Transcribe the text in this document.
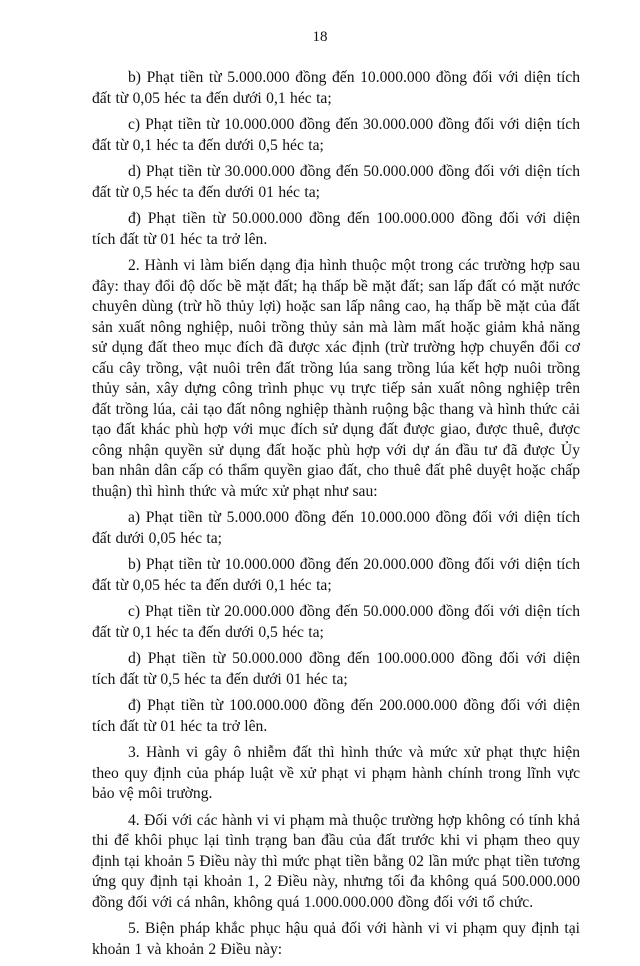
18

b) Phạt tiền từ 5.000.000 đồng đến 10.000.000 đồng đối với diện tích đất từ 0,05 héc ta đến dưới 0,1 héc ta;

c) Phạt tiền từ 10.000.000 đồng đến 30.000.000 đồng đối với diện tích đất từ 0,1 héc ta đến dưới 0,5 héc ta;

d) Phạt tiền từ 30.000.000 đồng đến 50.000.000 đồng đối với diện tích đất từ 0,5 héc ta đến dưới 01 héc ta;

đ) Phạt tiền từ 50.000.000 đồng đến 100.000.000 đồng đối với diện tích đất từ 01 héc ta trở lên.

2. Hành vi làm biến dạng địa hình thuộc một trong các trường hợp sau đây: thay đổi độ dốc bề mặt đất; hạ thấp bề mặt đất; san lấp đất có mặt nước chuyên dùng (trừ hồ thủy lợi) hoặc san lấp nâng cao, hạ thấp bề mặt của đất sản xuất nông nghiệp, nuôi trồng thủy sản mà làm mất hoặc giảm khả năng sử dụng đất theo mục đích đã được xác định (trừ trường hợp chuyển đổi cơ cấu cây trồng, vật nuôi trên đất trồng lúa sang trồng lúa kết hợp nuôi trồng thủy sản, xây dựng công trình phục vụ trực tiếp sản xuất nông nghiệp trên đất trồng lúa, cải tạo đất nông nghiệp thành ruộng bậc thang và hình thức cải tạo đất khác phù hợp với mục đích sử dụng đất được giao, được thuê, được công nhận quyền sử dụng đất hoặc phù hợp với dự án đầu tư đã được Ủy ban nhân dân cấp có thẩm quyền giao đất, cho thuê đất phê duyệt hoặc chấp thuận) thì hình thức và mức xử phạt như sau:

a) Phạt tiền từ 5.000.000 đồng đến 10.000.000 đồng đối với diện tích đất dưới 0,05 héc ta;

b) Phạt tiền từ 10.000.000 đồng đến 20.000.000 đồng đối với diện tích đất từ 0,05 héc ta đến dưới 0,1 héc ta;

c) Phạt tiền từ 20.000.000 đồng đến 50.000.000 đồng đối với diện tích đất từ 0,1 héc ta đến dưới 0,5 héc ta;

d) Phạt tiền từ 50.000.000 đồng đến 100.000.000 đồng đối với diện tích đất từ 0,5 héc ta đến dưới 01 héc ta;

đ) Phạt tiền từ 100.000.000 đồng đến 200.000.000 đồng đối với diện tích đất từ 01 héc ta trở lên.

3. Hành vi gây ô nhiễm đất thì hình thức và mức xử phạt thực hiện theo quy định của pháp luật về xử phạt vi phạm hành chính trong lĩnh vực bảo vệ môi trường.

4. Đối với các hành vi vi phạm mà thuộc trường hợp không có tính khả thi để khôi phục lại tình trạng ban đầu của đất trước khi vi phạm theo quy định tại khoản 5 Điều này thì mức phạt tiền bằng 02 lần mức phạt tiền tương ứng quy định tại khoản 1, 2 Điều này, nhưng tối đa không quá 500.000.000 đồng đối với cá nhân, không quá 1.000.000.000 đồng đối với tổ chức.

5. Biện pháp khắc phục hậu quả đối với hành vi vi phạm quy định tại khoản 1 và khoản 2 Điều này:
